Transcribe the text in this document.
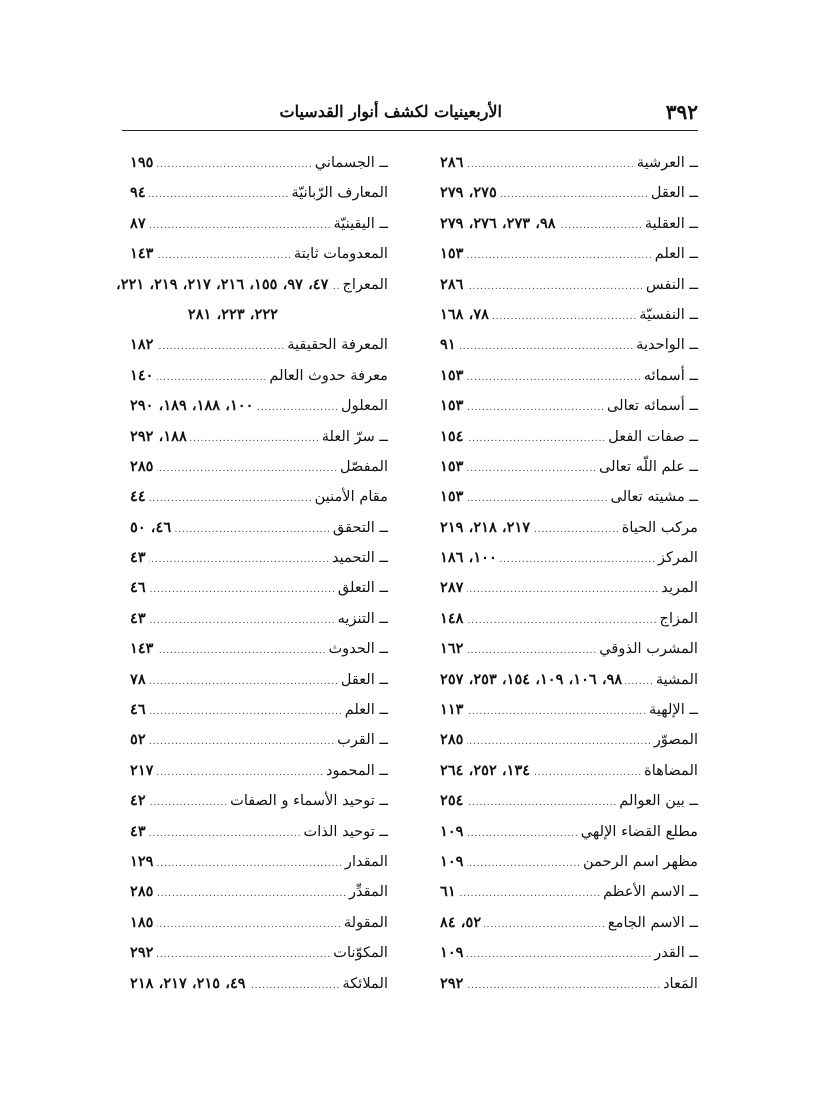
٣٩٢
الأربعينيات لكشف أنوار القدسيات
ــ العرشية
. . .
٢٨٦
ــ العقل
. . .
٢٧٥، ٢٧٩
ــ العقلية
. . .
٩٨، ٢٧٣، ٢٧٦، ٢٧٩
ــ العلم
. . .
١٥٣
ــ النفس
. . .
٢٨٦
ــ النفسيّة
. . .
٧٨، ١٦٨
ــ الواحدية
. . .
٩١
ــ أسمائه
. . .
١٥٣
ــ أسمائه تعالى
. . .
١٥٣
ــ صفات الفعل
. . .
١٥٤
ــ علم اللّه تعالى
. . .
١٥٣
ــ مشيته تعالى
. . .
١٥٣
مركب الحياة
. . .
٢١٧، ٢١٨، ٢١٩
المركز
. . .
١٠٠، ١٨٦
المريد
. . .
٢٨٧
المزاج
. . .
١٤٨
المشرب الذوقي
. . .
١٦٢
المشية
. . .
٩٨، ١٠٦، ١٠٩، ١٥٤، ٢٥٣، ٢٥٧
ــ الإلهية
. . .
١١٣
المصوّر
. . .
٢٨٥
المضاهاة
. . .
١٣٤، ٢٥٢، ٢٦٤
ــ بين العوالم
. . .
٢٥٤
مطلع القضاء الإلهي
. . .
١٠٩
مظهر اسم الرحمن
. . .
١٠٩
ــ الاسم الأعظم
. . .
٦١
ــ الاسم الجامع
. . .
٥٢، ٨٤
ــ القدر
. . .
١٠٩
المَعاد
. . .
٢٩٢
ــ الجسماني
. . .
١٩٥
المعارف الرّبانيّة
. . .
٩٤
ــ اليقينيّة
. . .
٨٧
المعدومات ثابتة
. . .
١٤٣
المعراج
. . .
٤٧، ٩٧، ١٥٥، ٢١٦، ٢١٧، ٢١٩، ٢٢١،
٢٢٢، ٢٢٣، ٢٨١
المعرفة الحقيقية
. . .
١٨٢
معرفة حدوث العالم
. . .
١٤٠
المعلول
. . .
١٠٠، ١٨٨، ١٨٩، ٢٩٠
ــ سرّ العلة
. . .
١٨٨، ٢٩٢
المفصّل
. . .
٢٨٥
مقام الأمنين
. . .
٤٤
ــ التحقق
. . .
٤٦، ٥٠
ــ التحميد
. . .
٤٣
ــ التعلق
. . .
٤٦
ــ التنزيه
. . .
٤٣
ــ الحدوث
. . .
١٤٣
ــ العقل
. . .
٧٨
ــ العلم
. . .
٤٦
ــ القرب
. . .
٥٢
ــ المحمود
. . .
٢١٧
ــ توحيد الأسماء و الصفات
. . .
٤٢
ــ توحيد الذات
. . .
٤٣
المقدار
. . .
١٢٩
المقدِّر
. . .
٢٨٥
المقولة
. . .
١٨٥
المكوّنات
. . .
٢٩٢
الملائكة
. . .
٤٩، ٢١٥، ٢١٧، ٢١٨
